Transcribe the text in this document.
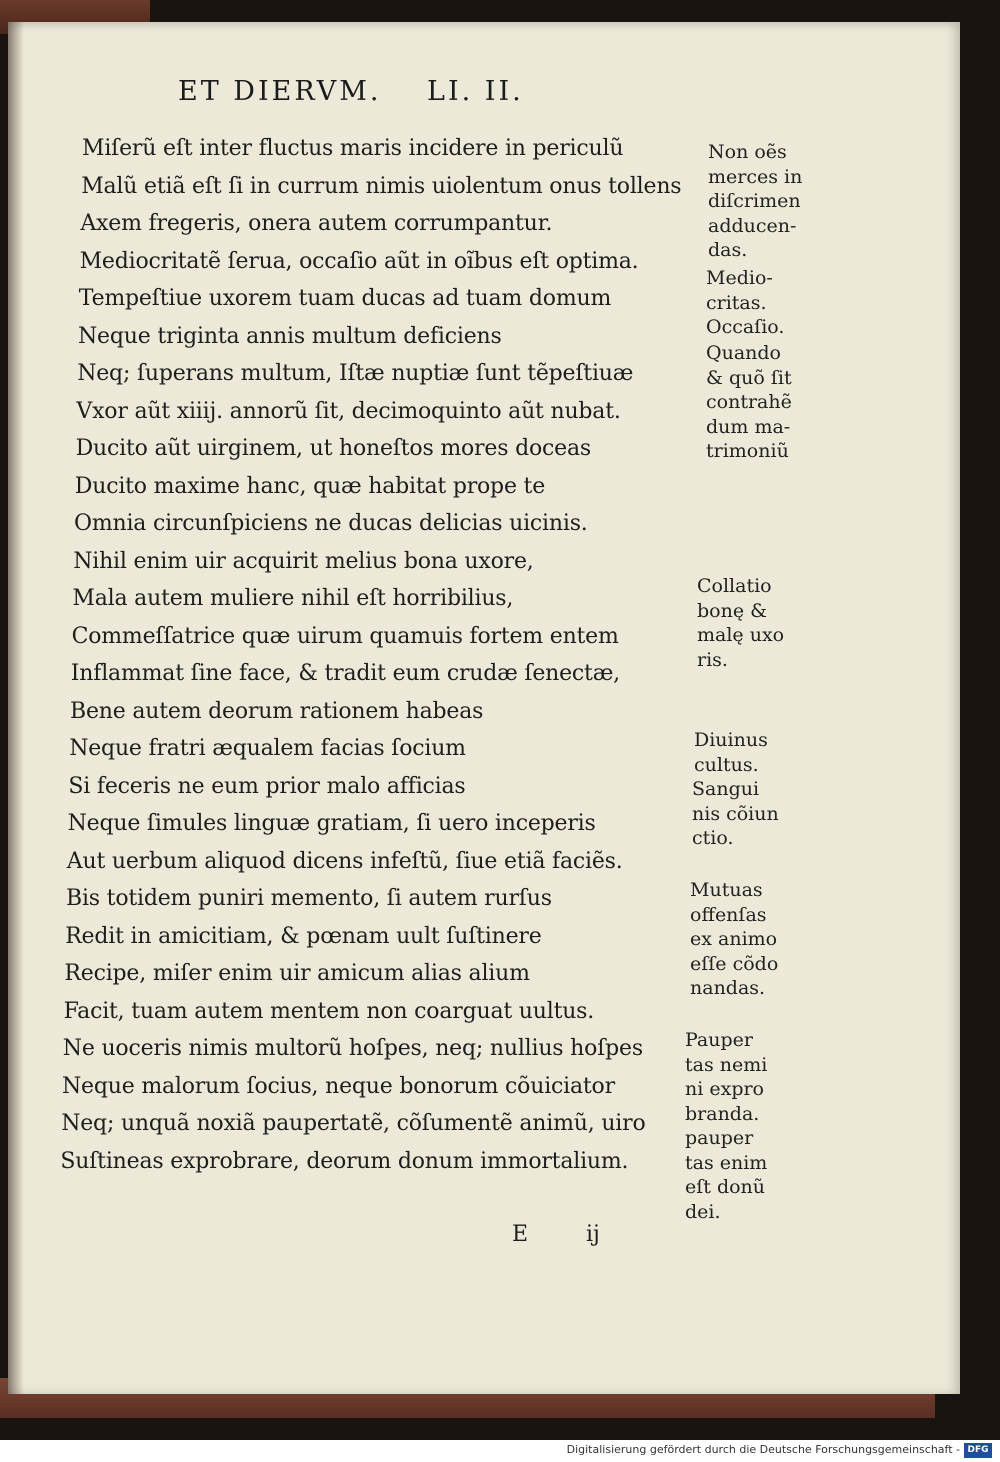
ET DIERVM. LI. II.
Miſerũ eſt inter fluctus maris incidere in periculũ
Malũ etiã eſt ſi in currum nimis uiolentum onus tollens
Axem fregeris, onera autem corrumpantur.
Mediocritatẽ ſerua, occaſio aũt in oĩbus eſt optima.
Tempeſtiue uxorem tuam ducas ad tuam domum
Neque triginta annis multum deficiens
Neq; ſuperans multum, Iſtæ nuptiæ ſunt tẽpeſtiuæ
Vxor aũt xiiij. annorũ ſit, decimoquinto aũt nubat.
Ducito aũt uirginem, ut honeſtos mores doceas
Ducito maxime hanc, quæ habitat prope te
Omnia circunſpiciens ne ducas delicias uicinis.
Nihil enim uir acquirit melius bona uxore,
Mala autem muliere nihil eſt horribilius,
Commeſſatrice quæ uirum quamuis fortem entem
Inflammat ſine face, & tradit eum crudæ ſenectæ,
Bene autem deorum rationem habeas
Neque fratri æqualem facias ſocium
Si feceris ne eum prior malo afficias
Neque ſimules linguæ gratiam, ſi uero inceperis
Aut uerbum aliquod dicens infeſtũ, ſiue etiã faciẽs.
Bis totidem puniri memento, ſi autem rurſus
Redit in amicitiam, & pœnam uult ſuſtinere
Recipe, miſer enim uir amicum alias alium
Facit, tuam autem mentem non coarguat uultus.
Ne uoceris nimis multorũ hoſpes, neq; nullius hoſpes
Neque malorum ſocius, neque bonorum cõuiciator
Neq; unquã noxiã paupertatẽ, cõſumentẽ animũ, uiro
Suſtineas exprobrare, deorum donum immortalium.
Non oẽs
merces in
diſcrimen
adducen-
das.
Medio-
critas.
Occaſio.
Quando
& quõ ſit
contrahẽ
dum ma-
trimoniũ
Collatio
bonę &
malę uxo
ris.
Diuinus
cultus.
Sangui
nis cõiun
ctio.
Mutuas
offenſas
ex animo
eſſe cõdo
nandas.
Pauper
tas nemi
ni expro
branda.
pauper
tas enim
eſt donũ
dei.
E	ij
Digitalisierung gefördert durch die Deutsche Forschungsgemeinschaft - DFG
